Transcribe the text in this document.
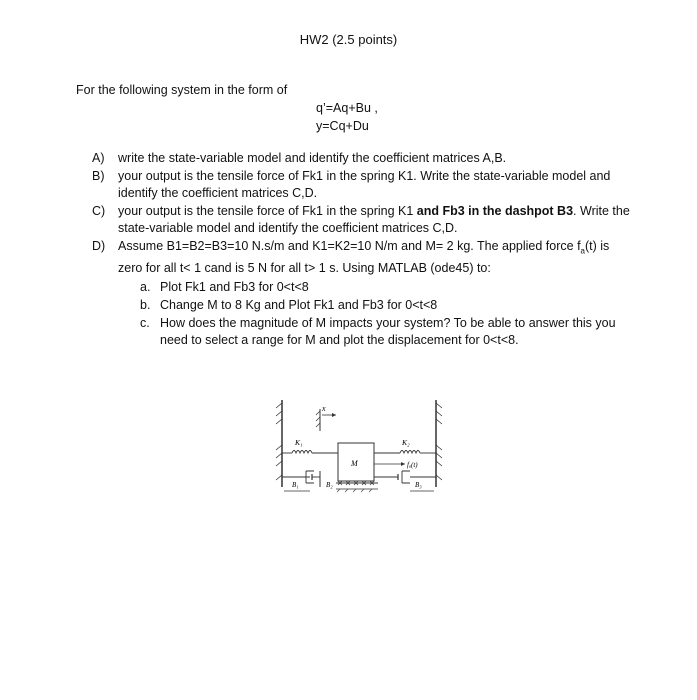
HW2 (2.5 points)
For the following system in the form of
q’=Aq+Bu ,
y=Cq+Du
A) write the state-variable model and identify the coefficient matrices A,B.
B) your output is the tensile force of Fk1 in the spring K1. Write the state-variable model and identify the coefficient matrices C,D.
C) your output is the tensile force of Fk1 in the spring K1 and Fb3 in the dashpot B3. Write the state-variable model and identify the coefficient matrices C,D.
D) Assume B1=B2=B3=10 N.s/m and K1=K2=10 N/m and M= 2 kg. The applied force $f_a(t)$ is zero for all t< 1 cand is 5 N for all t> 1 s. Using MATLAB (ode45) to:
a. Plot Fk1 and Fb3 for 0<t<8
b. Change M to 8 Kg and Plot Fk1 and Fb3 for 0<t<8
c. How does the magnitude of M impacts your system? To be able to answer this you need to select a range for M and plot the displacement for 0<t<8.
x
K₁
M
K₂
fₐ(t)
B₁	B₂	B₃
